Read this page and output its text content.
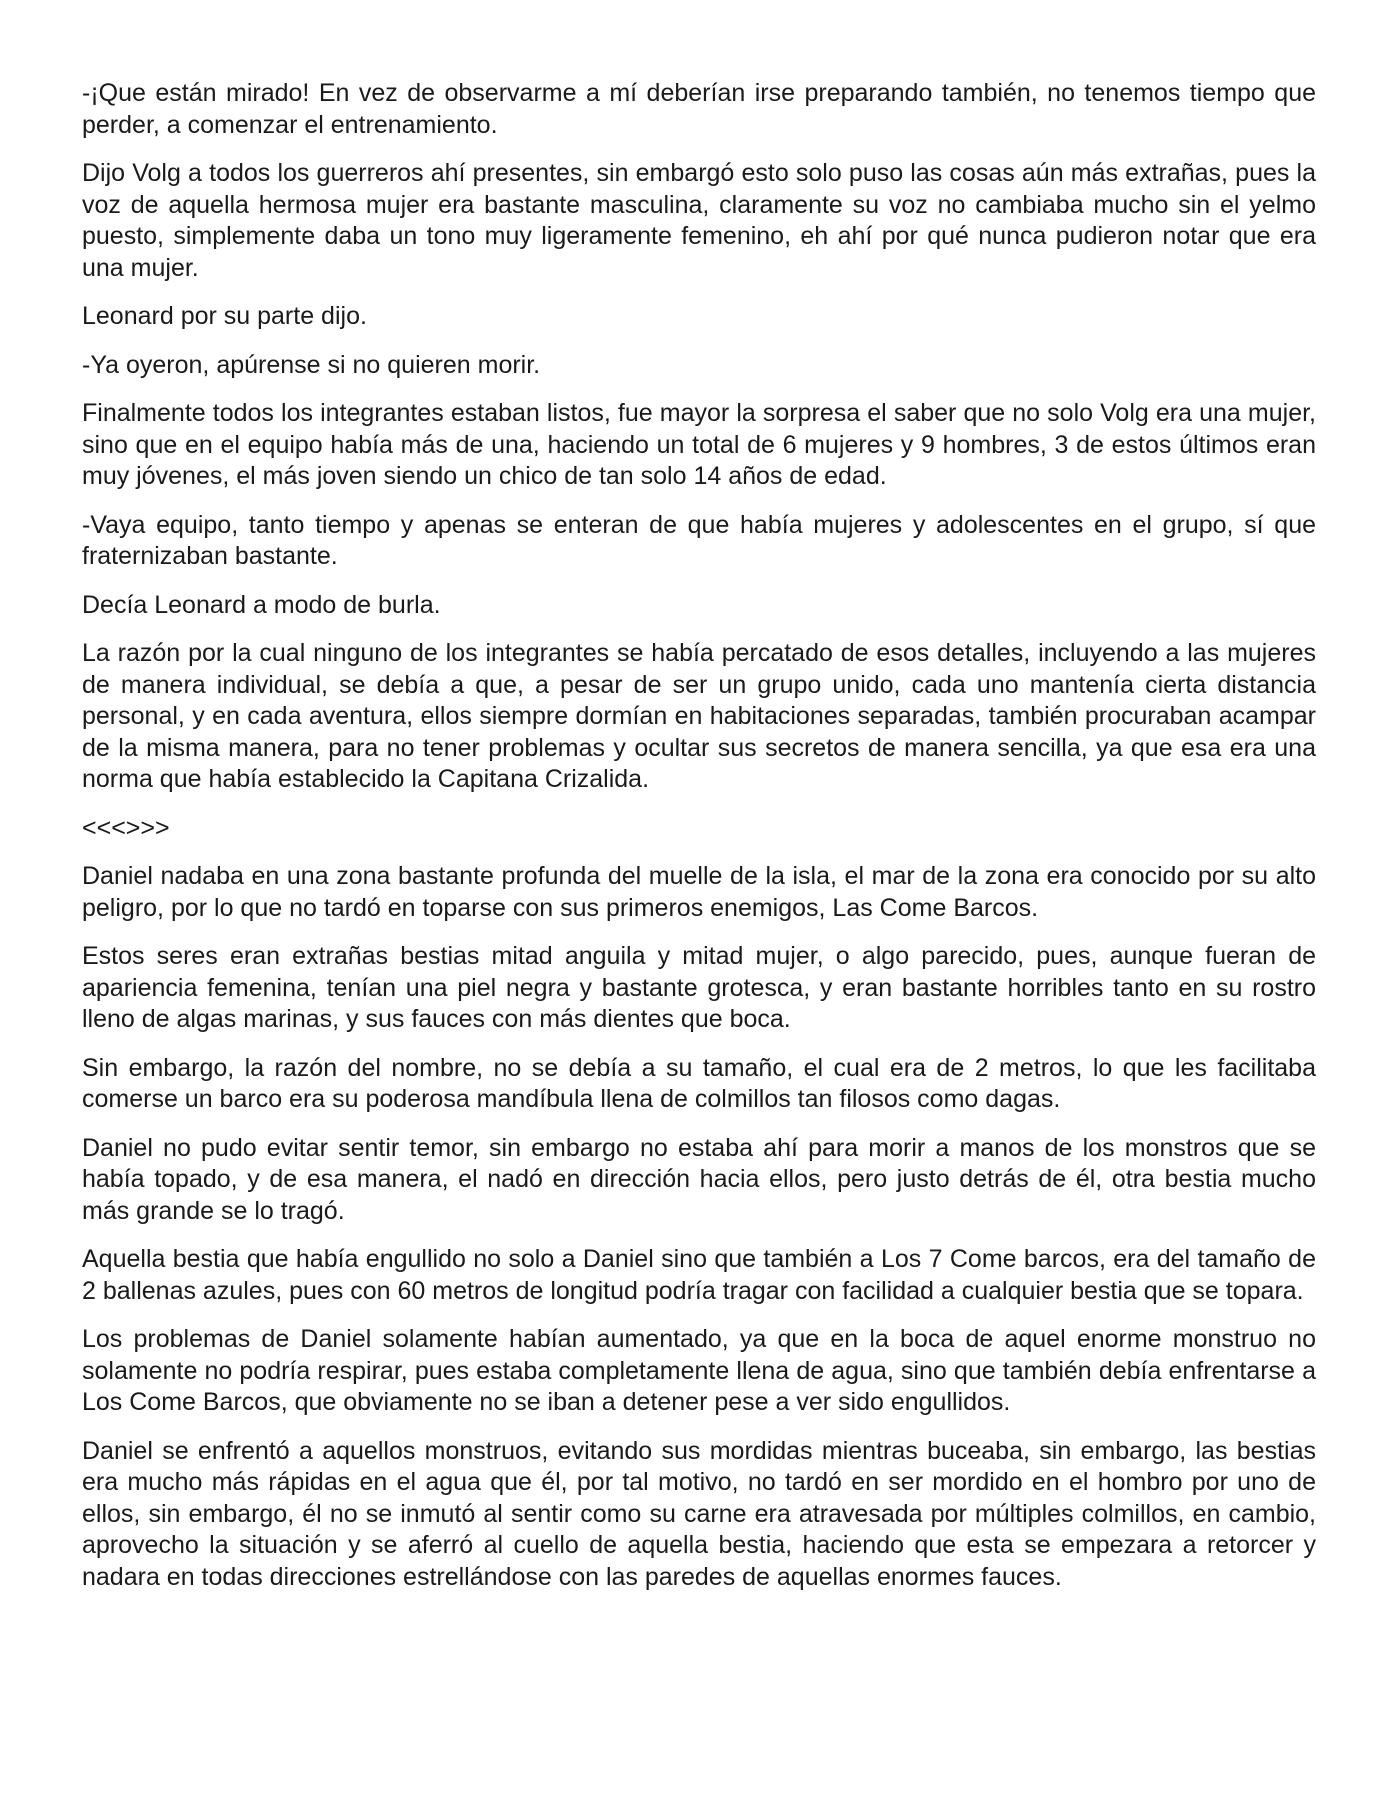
-¡Que están mirado! En vez de observarme a mí deberían irse preparando también, no tenemos tiempo que perder, a comenzar el entrenamiento.

Dijo Volg a todos los guerreros ahí presentes, sin embargó esto solo puso las cosas aún más extrañas, pues la voz de aquella hermosa mujer era bastante masculina, claramente su voz no cambiaba mucho sin el yelmo puesto, simplemente daba un tono muy ligeramente femenino, eh ahí por qué nunca pudieron notar que era una mujer.

Leonard por su parte dijo.

-Ya oyeron, apúrense si no quieren morir.

Finalmente todos los integrantes estaban listos, fue mayor la sorpresa el saber que no solo Volg era una mujer, sino que en el equipo había más de una, haciendo un total de 6 mujeres y 9 hombres, 3 de estos últimos eran muy jóvenes, el más joven siendo un chico de tan solo 14 años de edad.

-Vaya equipo, tanto tiempo y apenas se enteran de que había mujeres y adolescentes en el grupo, sí que fraternizaban bastante.

Decía Leonard a modo de burla.

La razón por la cual ninguno de los integrantes se había percatado de esos detalles, incluyendo a las mujeres de manera individual, se debía a que, a pesar de ser un grupo unido, cada uno mantenía cierta distancia personal, y en cada aventura, ellos siempre dormían en habitaciones separadas, también procuraban acampar de la misma manera, para no tener problemas y ocultar sus secretos de manera sencilla, ya que esa era una norma que había establecido la Capitana Crizalida.

<<<>>>

Daniel nadaba en una zona bastante profunda del muelle de la isla, el mar de la zona era conocido por su alto peligro, por lo que no tardó en toparse con sus primeros enemigos, Las Come Barcos.

Estos seres eran extrañas bestias mitad anguila y mitad mujer, o algo parecido, pues, aunque fueran de apariencia femenina, tenían una piel negra y bastante grotesca, y eran bastante horribles tanto en su rostro lleno de algas marinas, y sus fauces con más dientes que boca.

Sin embargo, la razón del nombre, no se debía a su tamaño, el cual era de 2 metros, lo que les facilitaba comerse un barco era su poderosa mandíbula llena de colmillos tan filosos como dagas.

Daniel no pudo evitar sentir temor, sin embargo no estaba ahí para morir a manos de los monstros que se había topado, y de esa manera, el nadó en dirección hacia ellos, pero justo detrás de él, otra bestia mucho más grande se lo tragó.

Aquella bestia que había engullido no solo a Daniel sino que también a Los 7 Come barcos, era del tamaño de 2 ballenas azules, pues con 60 metros de longitud podría tragar con facilidad a cualquier bestia que se topara.

Los problemas de Daniel solamente habían aumentado, ya que en la boca de aquel enorme monstruo no solamente no podría respirar, pues estaba completamente llena de agua, sino que también debía enfrentarse a Los Come Barcos, que obviamente no se iban a detener pese a ver sido engullidos.

Daniel se enfrentó a aquellos monstruos, evitando sus mordidas mientras buceaba, sin embargo, las bestias era mucho más rápidas en el agua que él, por tal motivo, no tardó en ser mordido en el hombro por uno de ellos, sin embargo, él no se inmutó al sentir como su carne era atravesada por múltiples colmillos, en cambio, aprovecho la situación y se aferró al cuello de aquella bestia, haciendo que esta se empezara a retorcer y nadara en todas direcciones estrellándose con las paredes de aquellas enormes fauces.
